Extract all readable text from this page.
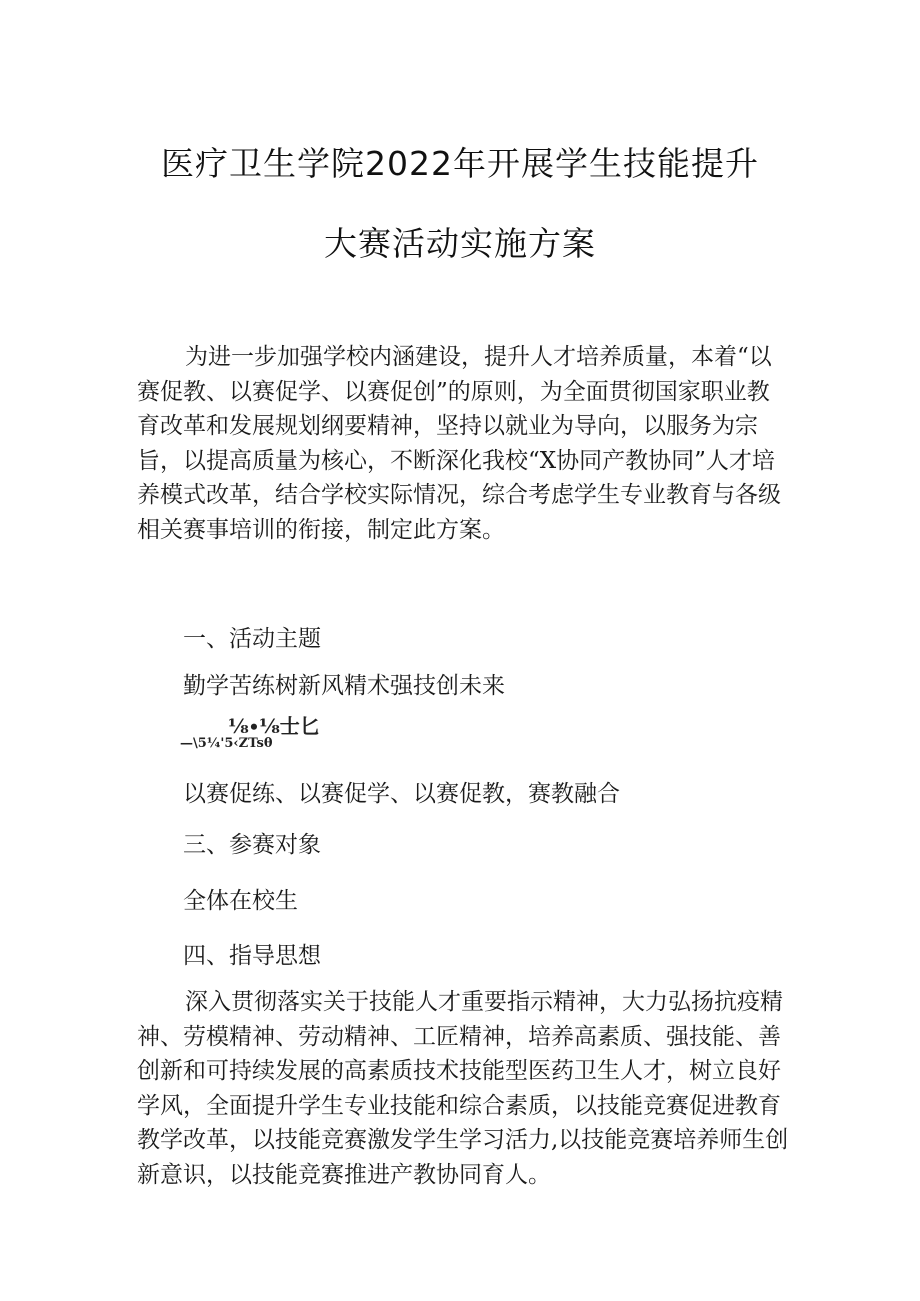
医疗卫生学院2022年开展学生技能提升
大赛活动实施方案
为进一步加强学校内涵建设，提升人才培养质量，本着“以
赛促教、以赛促学、以赛促创”的原则，为全面贯彻国家职业教
育改革和发展规划纲要精神，坚持以就业为导向，以服务为宗
旨，以提高质量为核心，不断深化我校“X协同产教协同”人才培
养模式改革，结合学校实际情况，综合考虑学生专业教育与各级
相关赛事培训的衔接，制定此方案。
一、活动主题
勤学苦练树新风精术强技创未来
⅛∙⅛士匕
—\5¼'5‹ZTsθ
以赛促练、以赛促学、以赛促教，赛教融合
三、参赛对象
全体在校生
四、指导思想
深入贯彻落实关于技能人才重要指示精神，大力弘扬抗疫精
神、劳模精神、劳动精神、工匠精神，培养高素质、强技能、善
创新和可持续发展的高素质技术技能型医药卫生人才，树立良好
学风，全面提升学生专业技能和综合素质，以技能竞赛促进教育
教学改革，以技能竞赛激发学生学习活力,以技能竞赛培养师生创
新意识，以技能竞赛推进产教协同育人。
